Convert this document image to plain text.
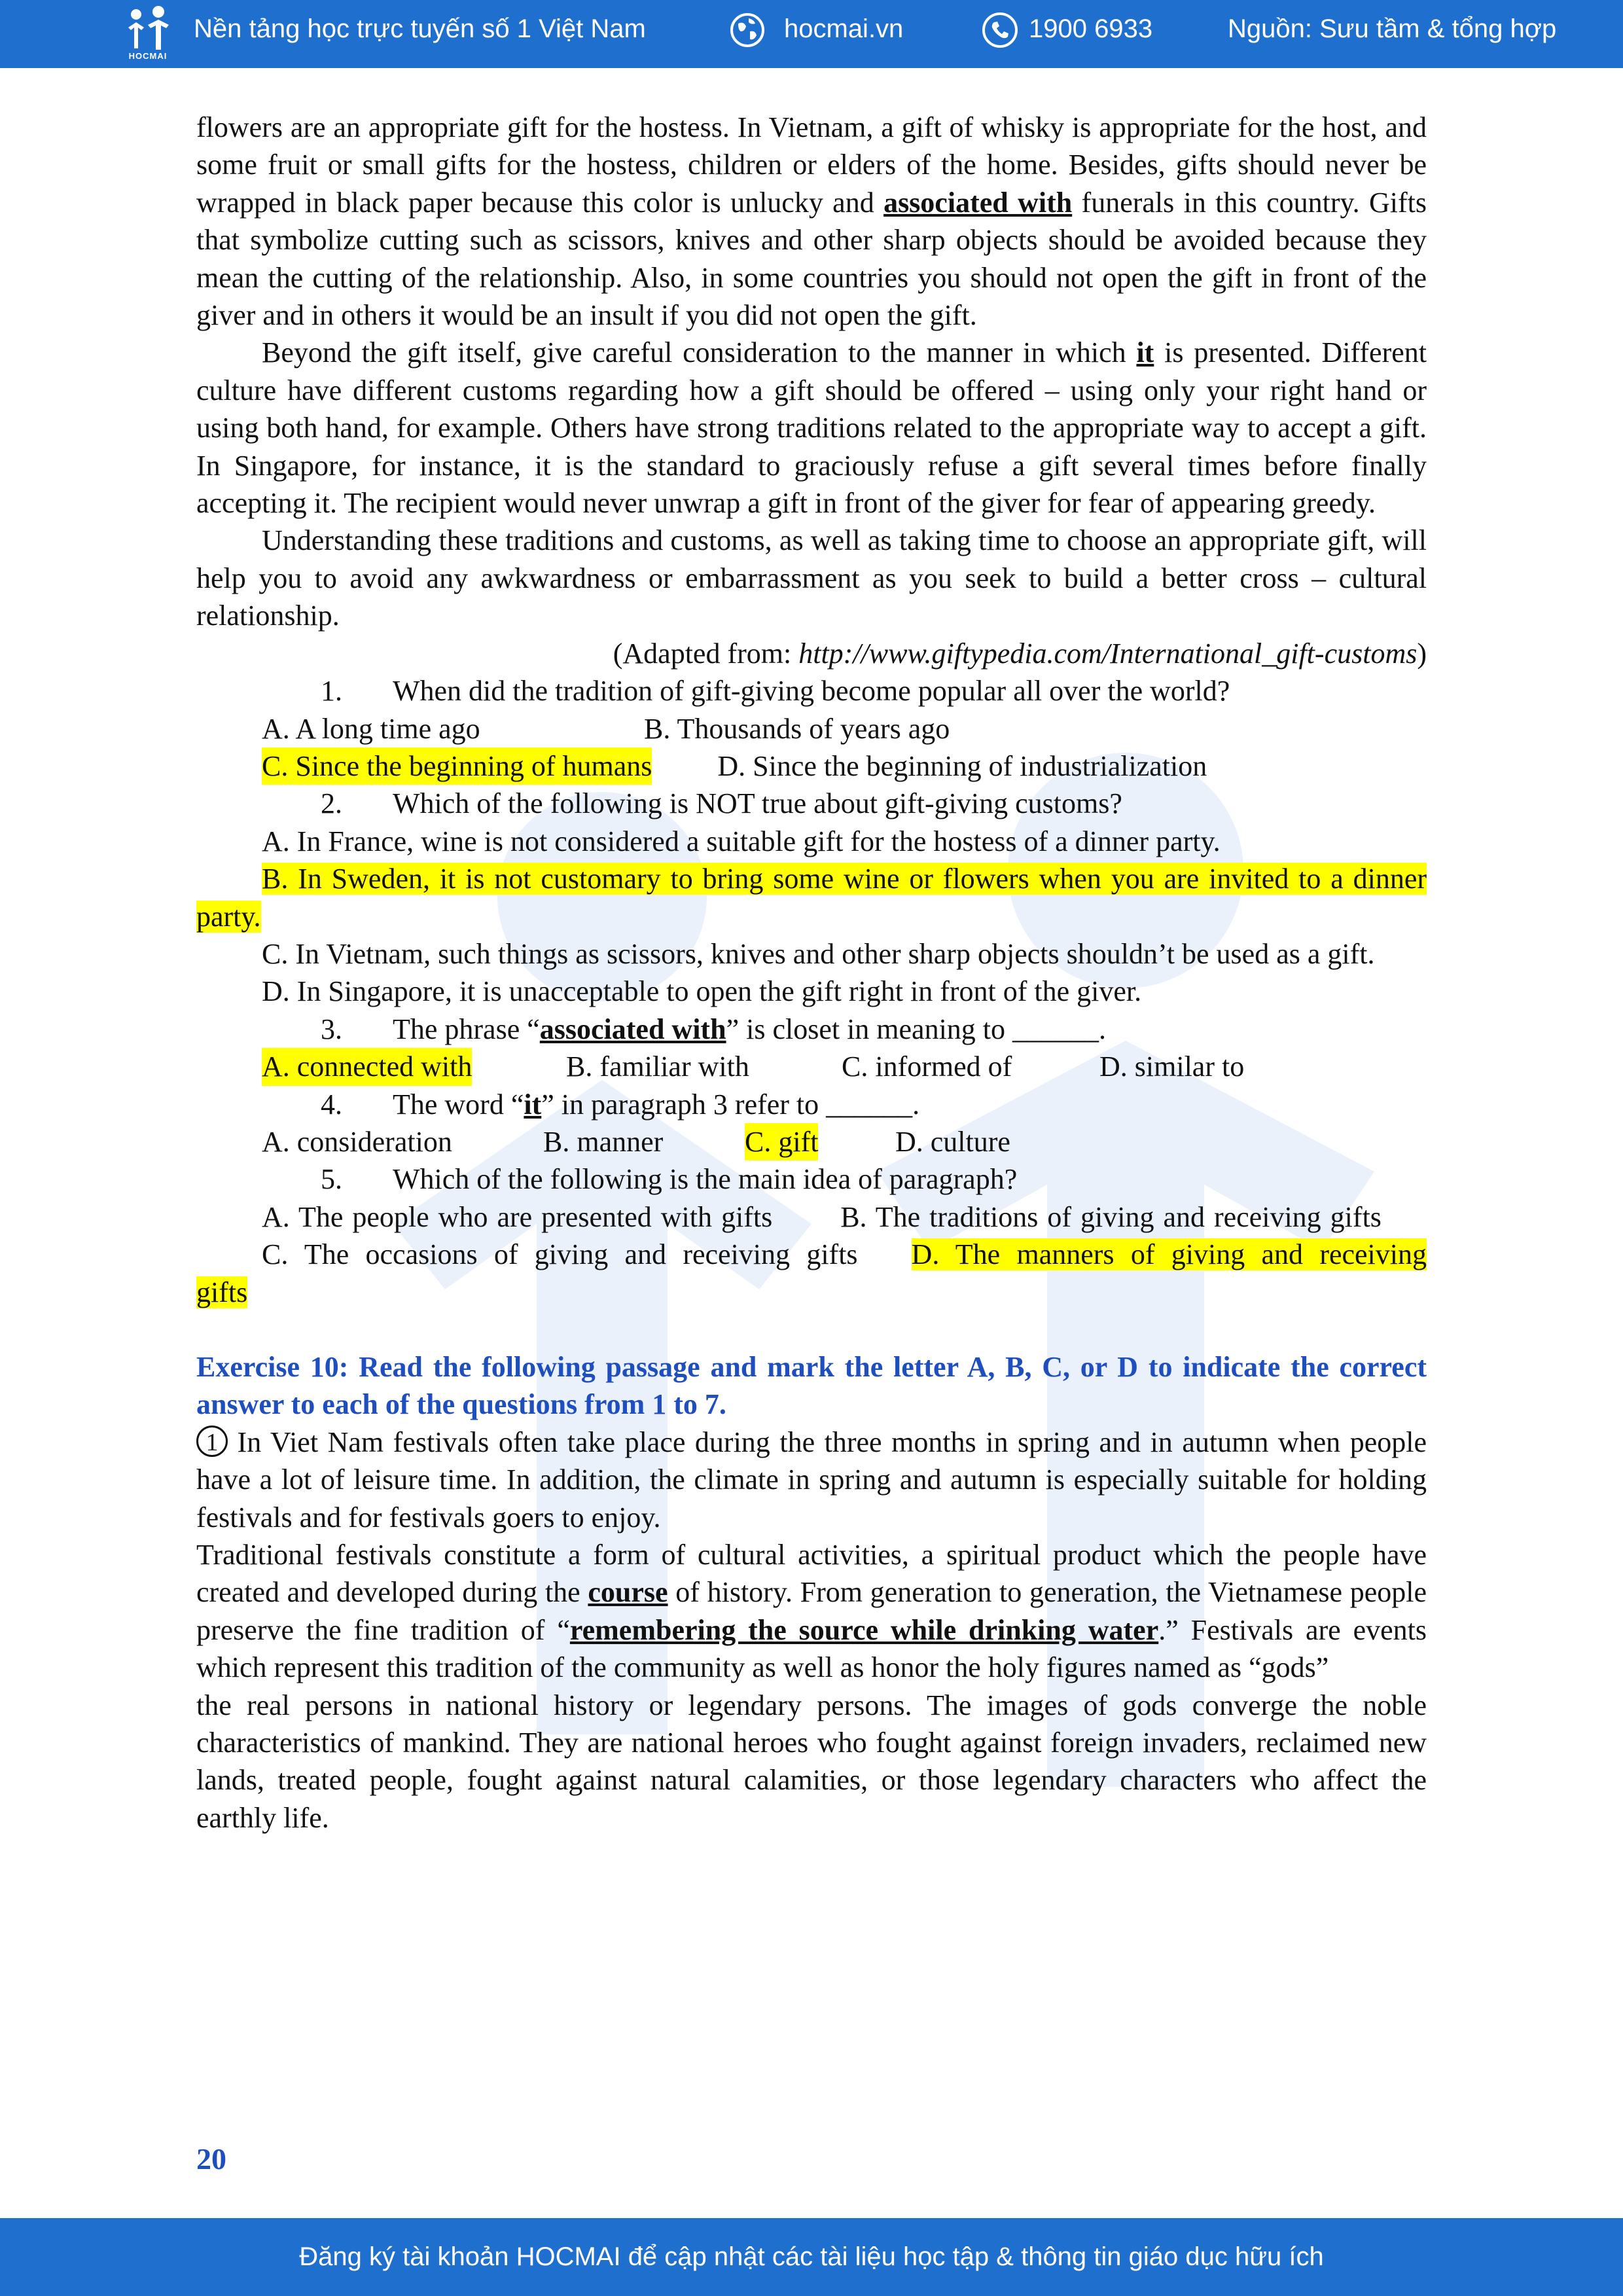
HOCMAI
Nền tảng học trực tuyến số 1 Việt Nam	hocmai.vn	1900 6933	Nguồn: Sưu tầm & tổng hợp

flowers are an appropriate gift for the hostess. In Vietnam, a gift of whisky is appropriate for the host, and some fruit or small gifts for the hostess, children or elders of the home. Besides, gifts should never be wrapped in black paper because this color is unlucky and associated with funerals in this country. Gifts that symbolize cutting such as scissors, knives and other sharp objects should be avoided because they mean the cutting of the relationship. Also, in some countries you should not open the gift in front of the giver and in others it would be an insult if you did not open the gift.

Beyond the gift itself, give careful consideration to the manner in which it is presented. Different culture have different customs regarding how a gift should be offered – using only your right hand or using both hand, for example. Others have strong traditions related to the appropriate way to accept a gift. In Singapore, for instance, it is the standard to graciously refuse a gift several times before finally accepting it. The recipient would never unwrap a gift in front of the giver for fear of appearing greedy.

Understanding these traditions and customs, as well as taking time to choose an appropriate gift, will help you to avoid any awkwardness or embarrassment as you seek to build a better cross – cultural relationship.

(Adapted from: http://www.giftypedia.com/International_gift-customs)

1. When did the tradition of gift-giving become popular all over the world?

A. A long time ago	B. Thousands of years ago

C. Since the beginning of humans D. Since the beginning of industrialization

2. Which of the following is NOT true about gift-giving customs?

A. In France, wine is not considered a suitable gift for the hostess of a dinner party.

B. In Sweden, it is not customary to bring some wine or flowers when you are invited to a dinner party.

C. In Vietnam, such things as scissors, knives and other sharp objects shouldn’t be used as a gift.

D. In Singapore, it is unacceptable to open the gift right in front of the giver.

3. The phrase “associated with” is closet in meaning to ______.

A. connected with	B. familiar with	C. informed of	D. similar to

4. The word “it” in paragraph 3 refer to ______.

A. consideration	B. manner	C. gift	D. culture

5. Which of the following is the main idea of paragraph?

A. The people who are presented with gifts B. The traditions of giving and receiving gifts

C. The occasions of giving and receiving gifts D. The manners of giving and receiving gifts

Exercise 10: Read the following passage and mark the letter A, B, C, or D to indicate the correct answer to each of the questions from 1 to 7.

1 In Viet Nam festivals often take place during the three months in spring and in autumn when people have a lot of leisure time. In addition, the climate in spring and autumn is especially suitable for holding festivals and for festivals goers to enjoy.

Traditional festivals constitute a form of cultural activities, a spiritual product which the people have created and developed during the course of history. From generation to generation, the Vietnamese people preserve the fine tradition of “remembering the source while drinking water.” Festivals are events which represent this tradition of the community as well as honor the holy figures named as “gods”

the real persons in national history or legendary persons. The images of gods converge the noble characteristics of mankind. They are national heroes who fought against foreign invaders, reclaimed new lands, treated people, fought against natural calamities, or those legendary characters who affect the earthly life.

20
Đăng ký tài khoản HOCMAI để cập nhật các tài liệu học tập & thông tin giáo dục hữu ích
